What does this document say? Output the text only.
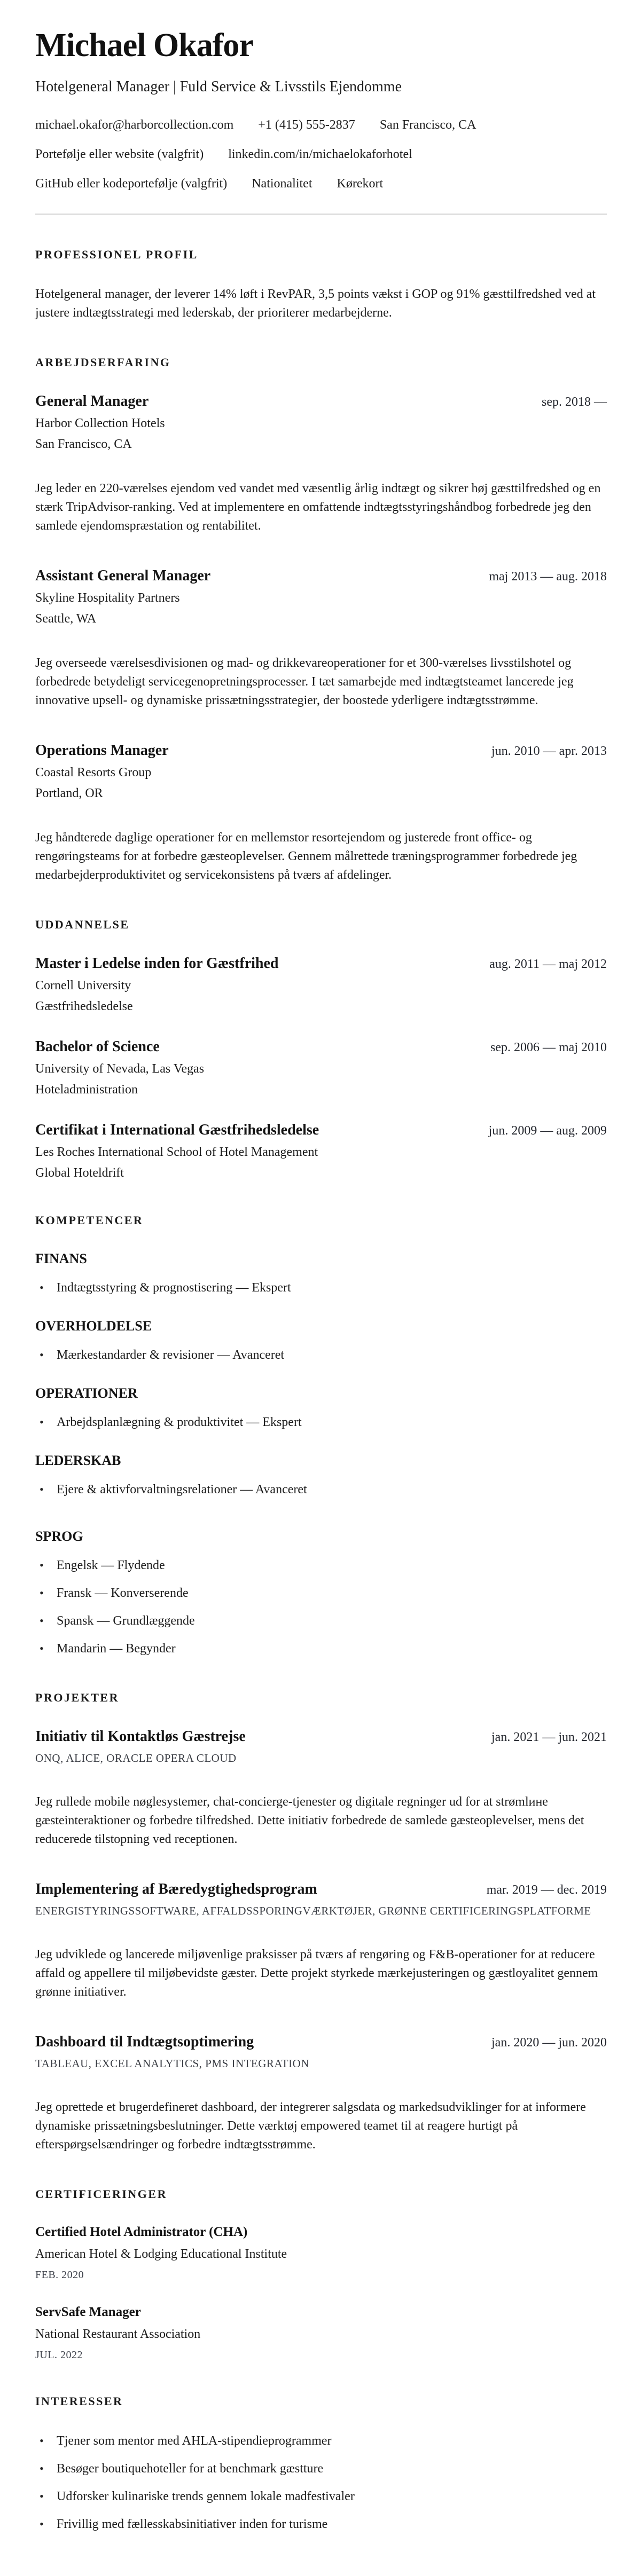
Michael Okafor

Hotelgeneral Manager | Fuld Service & Livsstils Ejendomme

michael.okafor@harborcollection.com +1 (415) 555-2837 San Francisco, CA
Portefølje eller website (valgfrit) linkedin.com/in/michaelokaforhotel
GitHub eller kodeportefølje (valgfrit) Nationalitet Kørekort
PROFESSIONEL PROFIL

Hotelgeneral manager, der leverer 14% løft i RevPAR, 3,5 points vækst i GOP og 91% gæsttilfredshed ved at justere indtægtsstrategi med lederskab, der prioriterer medarbejderne.

ARBEJDSERFARING
General Manager	sep. 2018 —
Harbor Collection Hotels
San Francisco, CA

Jeg leder en 220-værelses ejendom ved vandet med væsentlig årlig indtægt og sikrer høj gæsttilfredshed og en stærk TripAdvisor-ranking. Ved at implementere en omfattende indtægtsstyringshåndbog forbedrede jeg den samlede ejendomspræstation og rentabilitet.

Assistant General Manager	maj 2013 — aug. 2018
Skyline Hospitality Partners
Seattle, WA

Jeg overseede værelsesdivisionen og mad- og drikkevareoperationer for et 300-værelses livsstilshotel og forbedrede betydeligt servicegenopretningsprocesser. I tæt samarbejde med indtægtsteamet lancerede jeg innovative upsell- og dynamiske prissætningsstrategier, der boostede yderligere indtægtsstrømme.

Operations Manager	jun. 2010 — apr. 2013
Coastal Resorts Group
Portland, OR

Jeg håndterede daglige operationer for en mellemstor resortejendom og justerede front office- og rengøringsteams for at forbedre gæsteoplevelser. Gennem målrettede træningsprogrammer forbedrede jeg medarbejderproduktivitet og servicekonsistens på tværs af afdelinger.

UDDANNELSE
Master i Ledelse inden for Gæstfrihed	aug. 2011 — maj 2012
Cornell University
Gæstfrihedsledelse
Bachelor of Science	sep. 2006 — maj 2010
University of Nevada, Las Vegas
Hoteladministration
Certifikat i International Gæstfrihedsledelse	jun. 2009 — aug. 2009
Les Roches International School of Hotel Management
Global Hoteldrift
KOMPETENCER
FINANS
• Indtægtsstyring & prognostisering — Ekspert
OVERHOLDELSE
• Mærkestandarder & revisioner — Avanceret
OPERATIONER
• Arbejdsplanlægning & produktivitet — Ekspert
LEDERSKAB
• Ejere & aktivforvaltningsrelationer — Avanceret
SPROG
• Engelsk — Flydende
• Fransk — Konverserende
• Spansk — Grundlæggende
• Mandarin — Begynder
PROJEKTER
Initiativ til Kontaktløs Gæstrejse	jan. 2021 — jun. 2021
ONQ, ALICE, ORACLE OPERA CLOUD

Jeg rullede mobile nøglesystemer, chat-concierge-tjenester og digitale regninger ud for at strømlине gæsteinteraktioner og forbedre tilfredshed. Dette initiativ forbedrede de samlede gæsteoplevelser, mens det reducerede tilstopning ved receptionen.

Implementering af Bæredygtighedsprogram	mar. 2019 — dec. 2019
ENERGISTYRINGSSOFTWARE, AFFALDSSPORINGVÆRKTØJER, GRØNNE CERTIFICERINGSPLATFORME

Jeg udviklede og lancerede miljøvenlige praksisser på tværs af rengøring og F&B-operationer for at reducere affald og appellere til miljøbevidste gæster. Dette projekt styrkede mærkejusteringen og gæstloyalitet gennem grønne initiativer.

Dashboard til Indtægtsoptimering	jan. 2020 — jun. 2020
TABLEAU, EXCEL ANALYTICS, PMS INTEGRATION

Jeg oprettede et brugerdefineret dashboard, der integrerer salgsdata og markedsudviklinger for at informere dynamiske prissætningsbeslutninger. Dette værktøj empowered teamet til at reagere hurtigt på efterspørgselsændringer og forbedre indtægtsstrømme.

CERTIFICERINGER
Certified Hotel Administrator (CHA)
American Hotel & Lodging Educational Institute
FEB. 2020
ServSafe Manager
National Restaurant Association
JUL. 2022
INTERESSER
• Tjener som mentor med AHLA-stipendieprogrammer
• Besøger boutiquehoteller for at benchmark gæstture
• Udforsker kulinariske trends gennem lokale madfestivaler
• Frivillig med fællesskabsinitiativer inden for turisme
